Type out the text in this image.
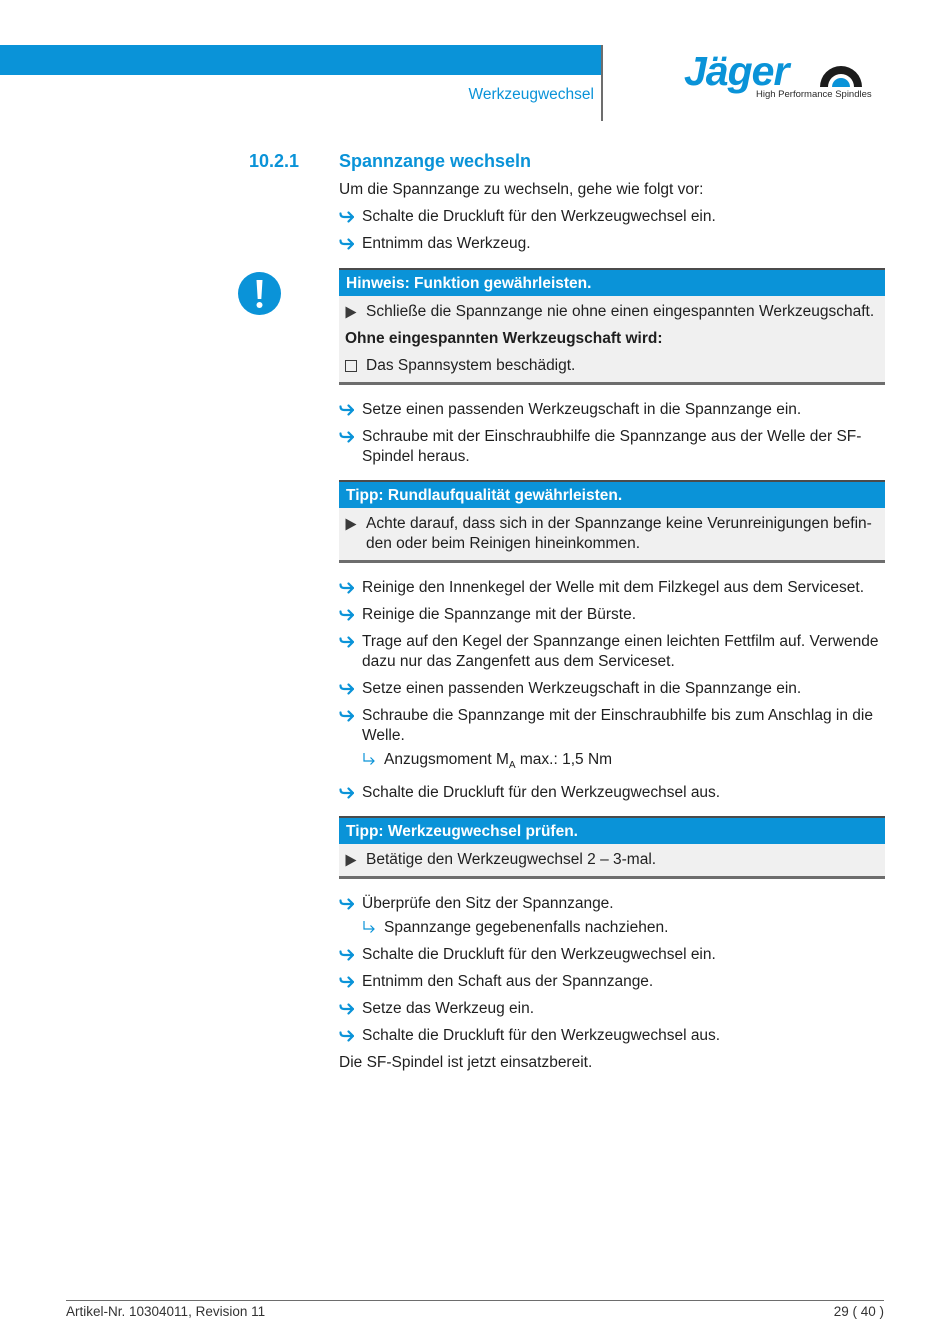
Werkzeugwechsel
Jäger
High Performance Spindles
10.2.1 Spannzange wechseln

Um die Spannzange zu wechseln, gehe wie folgt vor:

Schalte die Druckluft für den Werkzeugwechsel ein.
Entnimm das Werkzeug.
Hinweis: Funktion gewährleisten.
Schließe die Spannzange nie ohne einen eingespannten Werkzeugschaft.
Ohne eingespannten Werkzeugschaft wird:
Das Spannsystem beschädigt.
Setze einen passenden Werkzeugschaft in die Spannzange ein.
Schraube mit der Einschraubhilfe die Spannzange aus der Welle der SF-Spindel heraus.
Tipp: Rundlaufqualität gewährleisten.
Achte darauf, dass sich in der Spannzange keine Verunreinigungen befin-den oder beim Reinigen hineinkommen.
Reinige den Innenkegel der Welle mit dem Filzkegel aus dem Serviceset.
Reinige die Spannzange mit der Bürste.
Trage auf den Kegel der Spannzange einen leichten Fettfilm auf. Verwende dazu nur das Zangenfett aus dem Serviceset.
Setze einen passenden Werkzeugschaft in die Spannzange ein.
Schraube die Spannzange mit der Einschraubhilfe bis zum Anschlag in die Welle.
Anzugsmoment $M_A$ max.: 1,5 Nm
Schalte die Druckluft für den Werkzeugwechsel aus.
Tipp: Werkzeugwechsel prüfen.
Betätige den Werkzeugwechsel 2 – 3-mal.
Überprüfe den Sitz der Spannzange.
Spannzange gegebenenfalls nachziehen.
Schalte die Druckluft für den Werkzeugwechsel ein.
Entnimm den Schaft aus der Spannzange.
Setze das Werkzeug ein.
Schalte die Druckluft für den Werkzeugwechsel aus.

Die SF-Spindel ist jetzt einsatzbereit.

Artikel-Nr. 10304011, Revision 11	29 ( 40 )
